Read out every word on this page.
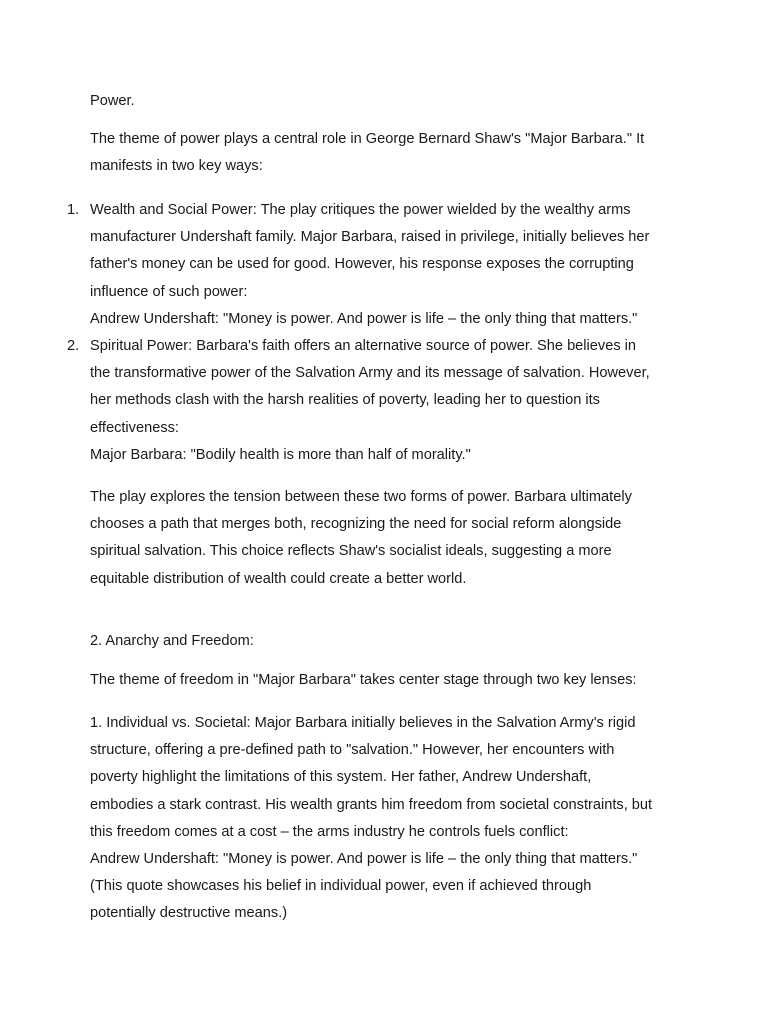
Power.
The theme of power plays a central role in George Bernard Shaw's "Major Barbara." It
manifests in two key ways:
1. Wealth and Social Power: The play critiques the power wielded by the wealthy arms
manufacturer Undershaft family. Major Barbara, raised in privilege, initially believes her
father's money can be used for good. However, his response exposes the corrupting
influence of such power:
Andrew Undershaft: "Money is power. And power is life – the only thing that matters."
2. Spiritual Power: Barbara's faith offers an alternative source of power. She believes in
the transformative power of the Salvation Army and its message of salvation. However,
her methods clash with the harsh realities of poverty, leading her to question its
effectiveness:
Major Barbara: "Bodily health is more than half of morality."
The play explores the tension between these two forms of power. Barbara ultimately
chooses a path that merges both, recognizing the need for social reform alongside
spiritual salvation. This choice reflects Shaw's socialist ideals, suggesting a more
equitable distribution of wealth could create a better world.
2. Anarchy and Freedom:
The theme of freedom in "Major Barbara" takes center stage through two key lenses:
1. Individual vs. Societal: Major Barbara initially believes in the Salvation Army's rigid
structure, offering a pre-defined path to "salvation." However, her encounters with
poverty highlight the limitations of this system. Her father, Andrew Undershaft,
embodies a stark contrast. His wealth grants him freedom from societal constraints, but
this freedom comes at a cost – the arms industry he controls fuels conflict:
Andrew Undershaft: "Money is power. And power is life – the only thing that matters."
(This quote showcases his belief in individual power, even if achieved through
potentially destructive means.)
